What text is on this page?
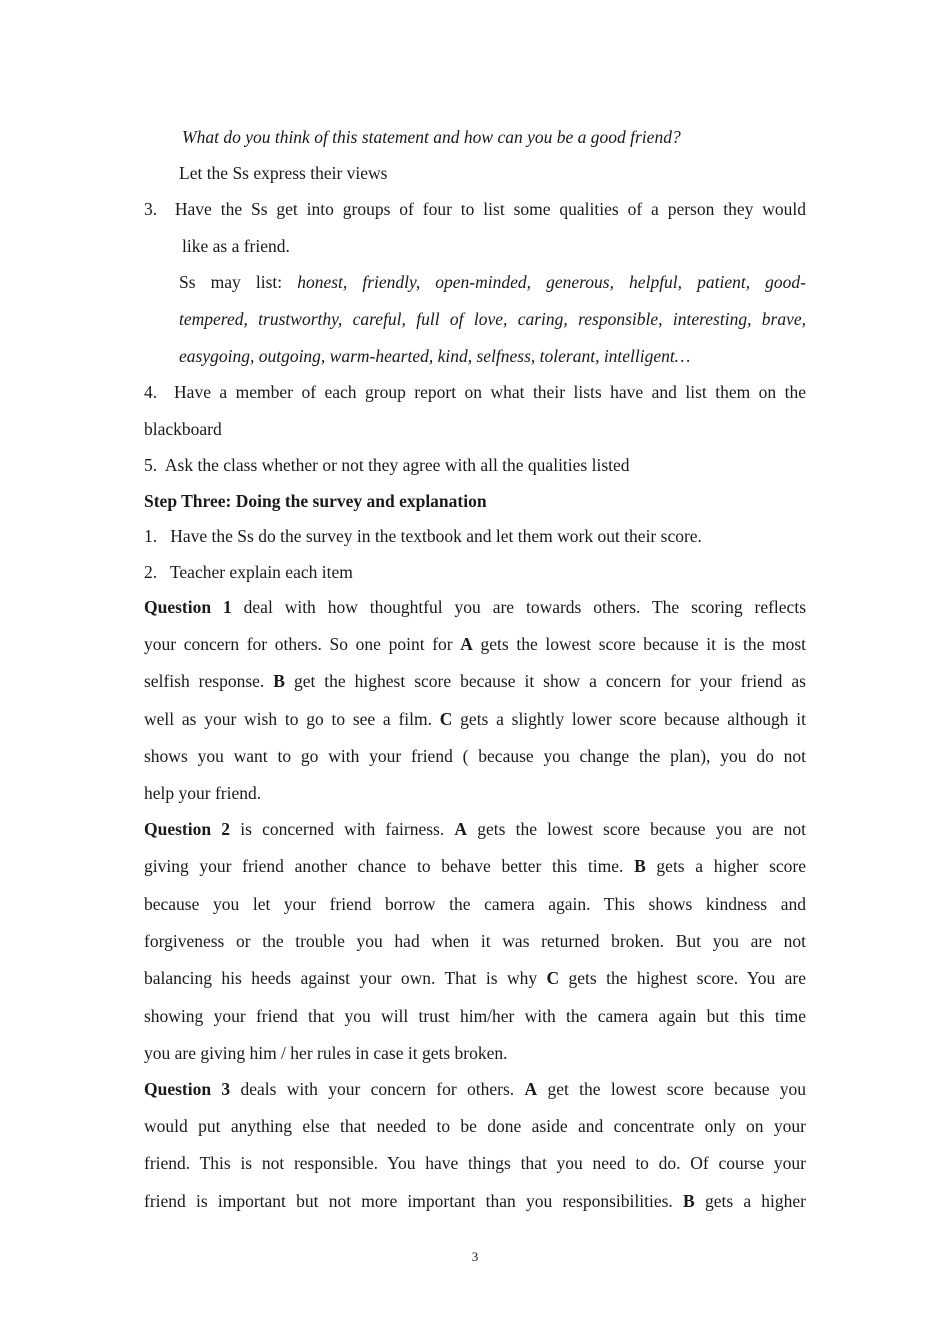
What do you think of this statement and how can you be a good friend?
Let the Ss express their views
3. Have the Ss get into groups of four to list some qualities of a person they would
like as a friend.
Ss may list: honest, friendly, open-minded, generous, helpful, patient, good-
tempered, trustworthy, careful, full of love, caring, responsible, interesting, brave,
easygoing, outgoing, warm-hearted, kind, selfness, tolerant, intelligent…
4. Have a member of each group report on what their lists have and list them on the
blackboard
5. Ask the class whether or not they agree with all the qualities listed
Step Three: Doing the survey and explanation
1. Have the Ss do the survey in the textbook and let them work out their score.
2. Teacher explain each item
Question 1 deal with how thoughtful you are towards others. The scoring reflects
your concern for others. So one point for A gets the lowest score because it is the most
selfish response. B get the highest score because it show a concern for your friend as
well as your wish to go to see a film. C gets a slightly lower score because although it
shows you want to go with your friend ( because you change the plan), you do not
help your friend.
Question 2 is concerned with fairness. A gets the lowest score because you are not
giving your friend another chance to behave better this time. B gets a higher score
because you let your friend borrow the camera again. This shows kindness and
forgiveness or the trouble you had when it was returned broken. But you are not
balancing his heeds against your own. That is why C gets the highest score. You are
showing your friend that you will trust him/her with the camera again but this time
you are giving him / her rules in case it gets broken.
Question 3 deals with your concern for others. A get the lowest score because you
would put anything else that needed to be done aside and concentrate only on your
friend. This is not responsible. You have things that you need to do. Of course your
friend is important but not more important than you responsibilities. B gets a higher
3
